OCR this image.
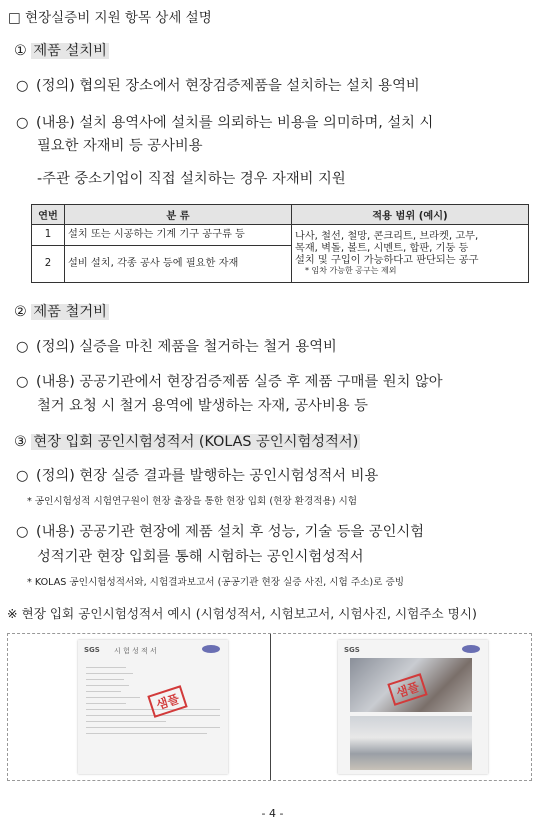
□ 현장실증비 지원 항목 상세 설명
① 제품 설치비
○ (정의) 협의된 장소에서 현장검증제품을 설치하는 설치 용역비
○ (내용) 설치 용역사에 설치를 의뢰하는 비용을 의미하며, 설치 시
필요한 자재비 등 공사비용
-주관 중소기업이 직접 설치하는 경우 자재비 지원
연번	분 류	적용 범위 (예시)
1	설치 또는 시공하는 기계 기구 공구류 등	나사, 철선, 철망, 콘크리트, 브라켓, 고무,
목재, 벽돌, 볼트, 시멘트, 합판, 기둥 등
설치 및 구입이 가능하다고 판단되는 공구
* 임차 가능한 공구는 제외

2	설비 설치, 각종 공사 등에 필요한 자재	
② 제품 철거비
○ (정의) 실증을 마친 제품을 철거하는 철거 용역비
○ (내용) 공공기관에서 현장검증제품 실증 후 제품 구매를 원치 않아
철거 요청 시 철거 용역에 발생하는 자재, 공사비용 등
③ 현장 입회 공인시험성적서 (KOLAS 공인시험성적서)
○ (정의) 현장 실증 결과를 발행하는 공인시험성적서 비용
* 공인시험성적 시험연구원이 현장 출장을 통한 현장 입회 (현장 환경적용) 시험
○ (내용) 공공기관 현장에 제품 설치 후 성능, 기술 등을 공인시험
성적기관 현장 입회를 통해 시험하는 공인시험성적서
* KOLAS 공인시험성적서와, 시험결과보고서 (공공기관 현장 실증 사진, 시험 주소)로 증빙
※ 현장 입회 공인시험성적서 예시 (시험성적서, 시험보고서, 시험사진, 시험주소 명시)
SGS 시 험 성 적 서
샘플
SGS
샘플
- 4 -
